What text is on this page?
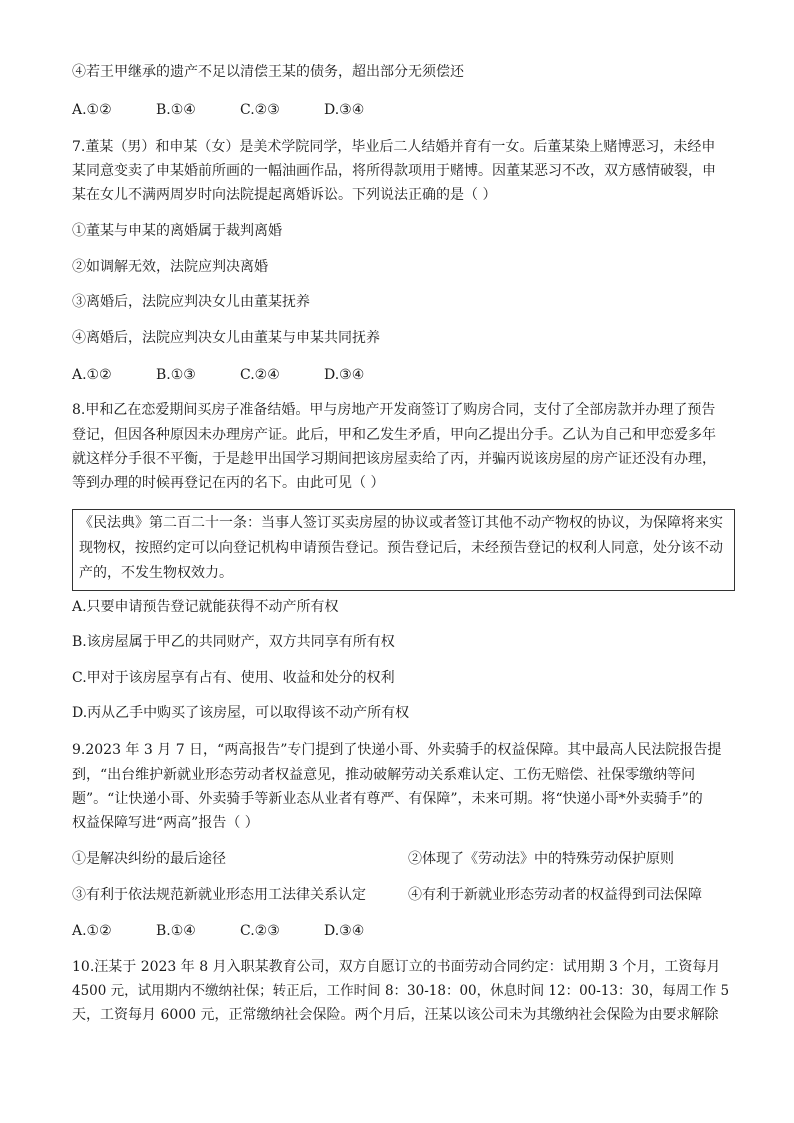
④若王甲继承的遗产不足以清偿王某的债务，超出部分无须偿还
A.①②	B.①④	C.②③	D.③④
7.董某（男）和申某（女）是美术学院同学，毕业后二人结婚并育有一女。后董某染上赌博恶习，未经申
某同意变卖了申某婚前所画的一幅油画作品，将所得款项用于赌博。因董某恶习不改，双方感情破裂，申
某在女儿不满两周岁时向法院提起离婚诉讼。下列说法正确的是（ ）
①董某与申某的离婚属于裁判离婚
②如调解无效，法院应判决离婚
③离婚后，法院应判决女儿由董某抚养
④离婚后，法院应判决女儿由董某与申某共同抚养
A.①②	B.①③	C.②④	D.③④
8.甲和乙在恋爱期间买房子准备结婚。甲与房地产开发商签订了购房合同，支付了全部房款并办理了预告
登记，但因各种原因未办理房产证。此后，甲和乙发生矛盾，甲向乙提出分手。乙认为自己和甲恋爱多年
就这样分手很不平衡，于是趁甲出国学习期间把该房屋卖给了丙，并骗丙说该房屋的房产证还没有办理，
等到办理的时候再登记在丙的名下。由此可见（ ）
《民法典》第二百二十一条：当事人签订买卖房屋的协议或者签订其他不动产物权的协议，为保障将来实
现物权，按照约定可以向登记机构申请预告登记。预告登记后，未经预告登记的权利人同意，处分该不动
产的，不发生物权效力。
A.只要申请预告登记就能获得不动产所有权
B.该房屋属于甲乙的共同财产，双方共同享有所有权
C.甲对于该房屋享有占有、使用、收益和处分的权利
D.丙从乙手中购买了该房屋，可以取得该不动产所有权
9.2023 年 3 月 7 日，“两高报告”专门提到了快递小哥、外卖骑手的权益保障。其中最高人民法院报告提
到，“出台维护新就业形态劳动者权益意见，推动破解劳动关系难认定、工伤无赔偿、社保零缴纳等问
题”。“让快递小哥、外卖骑手等新业态从业者有尊严、有保障”，未来可期。将“快递小哥*外卖骑手”的
权益保障写进“两高”报告（ ）
①是解决纠纷的最后途径	②体现了《劳动法》中的特殊劳动保护原则
③有利于依法规范新就业形态用工法律关系认定	④有利于新就业形态劳动者的权益得到司法保障
A.①②	B.①④	C.②③	D.③④
10.汪某于 2023 年 8 月入职某教育公司，双方自愿订立的书面劳动合同约定：试用期 3 个月，工资每月
4500 元，试用期内不缴纳社保；转正后，工作时间 8：30-18：00，休息时间 12：00-13：30，每周工作 5
天，工资每月 6000 元，正常缴纳社会保险。两个月后，汪某以该公司未为其缴纳社会保险为由要求解除
